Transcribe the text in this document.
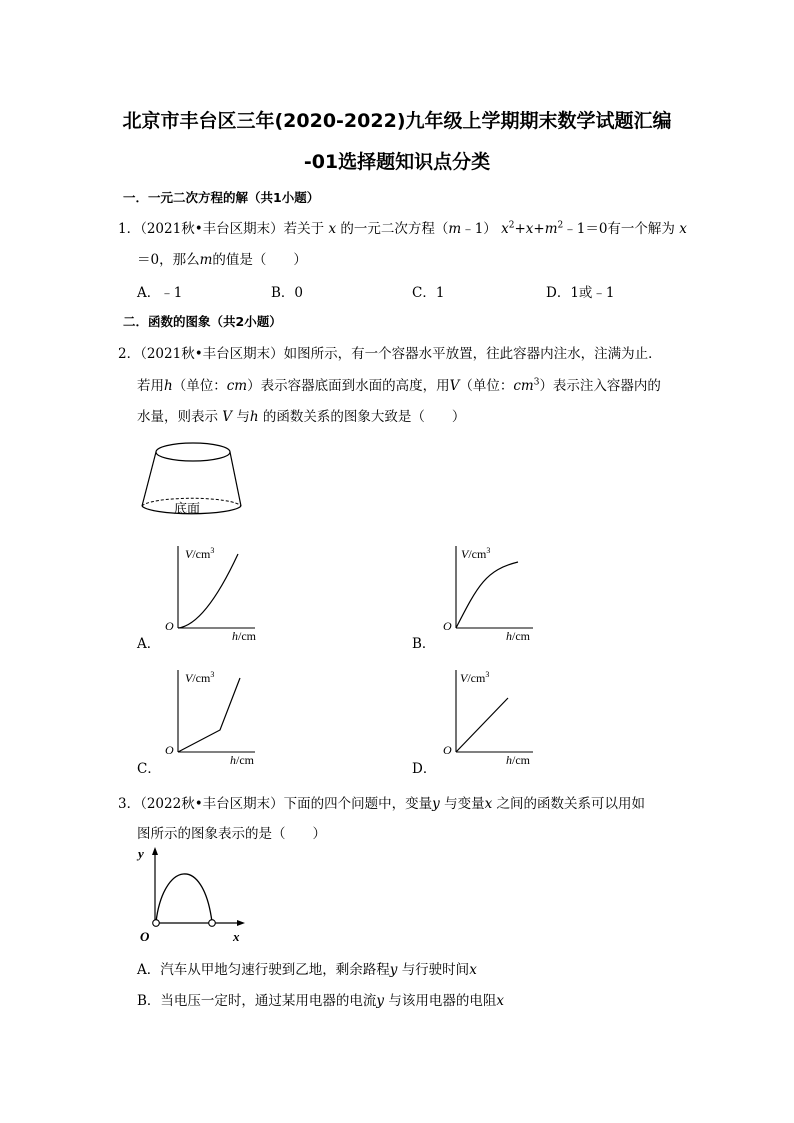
北京市丰台区三年(2020-2022)九年级上学期期末数学试题汇编
-01选择题知识点分类
一．一元二次方程的解（共1小题）
1．（2021秋•丰台区期末）若关于 x 的一元二次方程（m﹣1） $x^2+x+m^2﹣1=0$有一个解为 x
＝0，那么m的值是（　　）
A．﹣1	B．0	C．1	D．1或﹣1
二．函数的图象（共2小题）
2．（2021秋•丰台区期末）如图所示，有一个容器水平放置，往此容器内注水，注满为止．
若用h（单位：cm）表示容器底面到水面的高度，用V（单位：$cm^3$）表示注入容器内的
水量，则表示 V 与h 的函数关系的图象大致是（　　）
底面
$V/cm^3$
O
h/cm
A．
$V/cm^3$
O
h/cm
B．
$V/cm^3$
O
h/cm
C．
$V/cm^3$
O
h/cm
D．
3．（2022秋•丰台区期末）下面的四个问题中，变量y 与变量x 之间的函数关系可以用如
图所示的图象表示的是（　　）
y
x
O
A．汽车从甲地匀速行驶到乙地，剩余路程y 与行驶时间x
B．当电压一定时，通过某用电器的电流y 与该用电器的电阻x
